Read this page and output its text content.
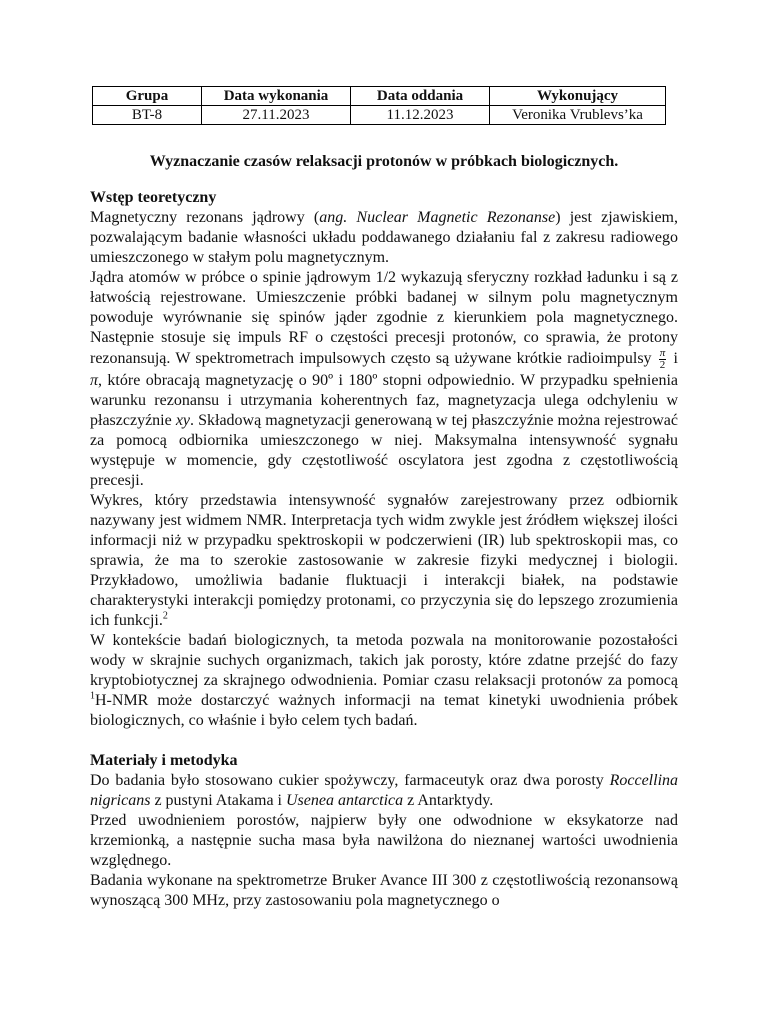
Grupa	Data wykonania	Data oddania	Wykonujący
BT-8	27.11.2023	11.12.2023	Veronika Vrublevs’ka
Wyznaczanie czasów relaksacji protonów w próbkach biologicznych.
Wstęp teoretyczny

Magnetyczny rezonans jądrowy (ang. Nuclear Magnetic Rezonanse) jest zjawiskiem, pozwalającym badanie własności układu poddawanego działaniu fal z zakresu radiowego umieszczonego w stałym polu magnetycznym.

Jądra atomów w próbce o spinie jądrowym 1/2 wykazują sferyczny rozkład ładunku i są z łatwością rejestrowane. Umieszczenie próbki badanej w silnym polu magnetycznym powoduje wyrównanie się spinów jąder zgodnie z kierunkiem pola magnetycznego. Następnie stosuje się impuls RF o częstości precesji protonów, co sprawia, że protony rezonansują. W spektrometrach impulsowych często są używane krótkie radioimpulsy $\frac{\pi}{2}$ i π, które obracają magnetyzację o 90º i 180º stopni odpowiednio. W przypadku spełnienia warunku rezonansu i utrzymania koherentnych faz, magnetyzacja ulega odchyleniu w płaszczyźnie xy. Składową magnetyzacji generowaną w tej płaszczyźnie można rejestrować za pomocą odbiornika umieszczonego w niej. Maksymalna intensywność sygnału występuje w momencie, gdy częstotliwość oscylatora jest zgodna z częstotliwością precesji.

Wykres, który przedstawia intensywność sygnałów zarejestrowany przez odbiornik nazywany jest widmem NMR. Interpretacja tych widm zwykle jest źródłem większej ilości informacji niż w przypadku spektroskopii w podczerwieni (IR) lub spektroskopii mas, co sprawia, że ma to szerokie zastosowanie w zakresie fizyki medycznej i biologii. Przykładowo, umożliwia badanie fluktuacji i interakcji białek, na podstawie charakterystyki interakcji pomiędzy protonami, co przyczynia się do lepszego zrozumienia ich funkcji.$^2$

W kontekście badań biologicznych, ta metoda pozwala na monitorowanie pozostałości wody w skrajnie suchych organizmach, takich jak porosty, które zdatne przejść do fazy kryptobiotycznej za skrajnego odwodnienia. Pomiar czasu relaksacji protonów za pomocą $^1$H-NMR może dostarczyć ważnych informacji na temat kinetyki uwodnienia próbek biologicznych, co właśnie i było celem tych badań.

Materiały i metodyka

Do badania było stosowano cukier spożywczy, farmaceutyk oraz dwa porosty Roccellina nigricans z pustyni Atakama i Usenea antarctica z Antarktydy.

Przed uwodnieniem porostów, najpierw były one odwodnione w eksykatorze nad krzemionką, a następnie sucha masa była nawilżona do nieznanej wartości uwodnienia względnego.

Badania wykonane na spektrometrze Bruker Avance III 300 z częstotliwością rezonansową wynoszącą 300 MHz, przy zastosowaniu pola magnetycznego o
